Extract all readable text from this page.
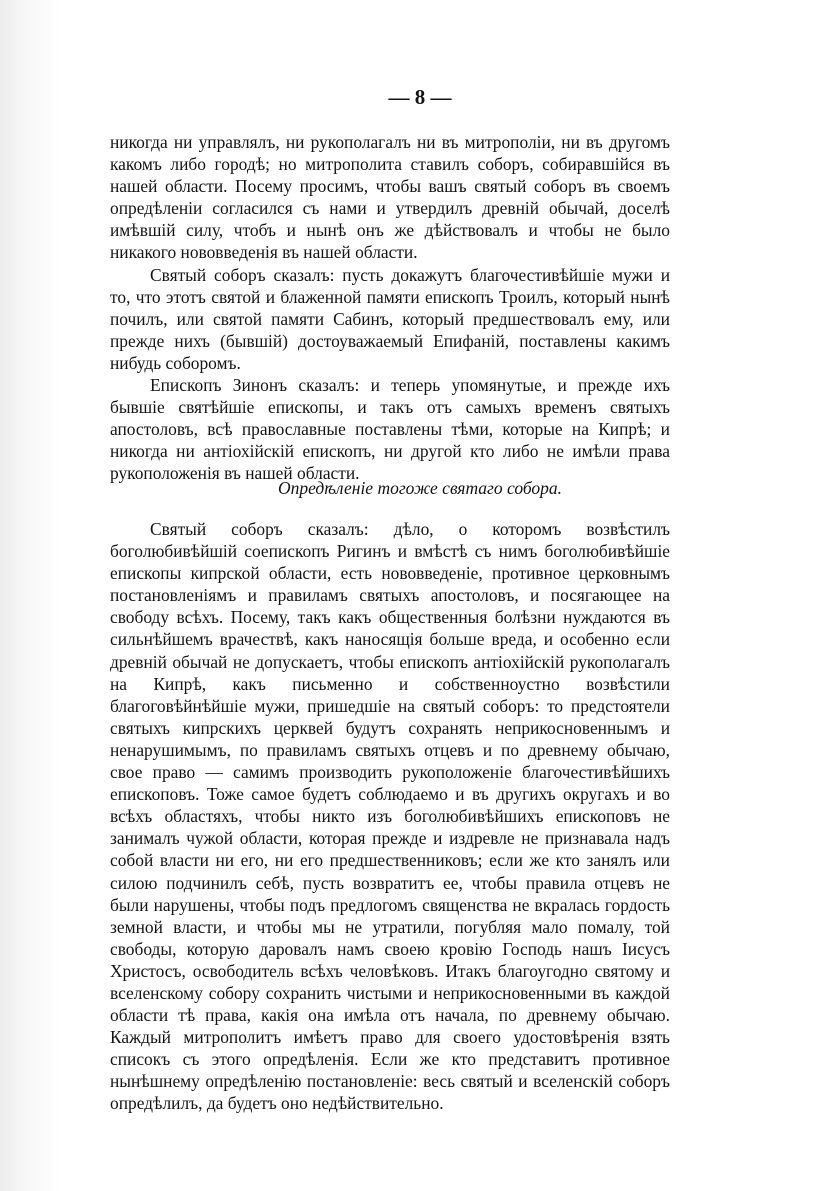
— 8 —

никогда ни управлялъ, ни рукополагалъ ни въ митрополіи, ни въ другомъ какомъ либо городѣ; но митрополита ставилъ соборъ, собиравшійся въ нашей области. Посему просимъ, чтобы вашъ святый соборъ въ своемъ опредѣленіи согласился съ нами и утвердилъ древній обычай, доселѣ имѣвшій силу, чтобъ и нынѣ онъ же дѣйствовалъ и чтобы не было никакого нововведенія въ нашей области.

Святый соборъ сказалъ: пусть докажутъ благочестивѣйшіе мужи и то, что этотъ святой и блаженной памяти епископъ Троилъ, который нынѣ почилъ, или святой памяти Сабинъ, который предшествовалъ ему, или прежде нихъ (бывшій) достоуважаемый Епифаній, поставлены какимъ нибудь соборомъ.

Епископъ Зинонъ сказалъ: и теперь упомянутые, и прежде ихъ бывшіе святѣйшіе епископы, и такъ отъ самыхъ временъ святыхъ апостоловъ, всѣ православные поставлены тѣми, которые на Кипрѣ; и никогда ни антіохійскій епископъ, ни другой кто либо не имѣли права рукоположенія въ нашей области.

Опредѣленіе тогоже святаго собора.

Святый соборъ сказалъ: дѣло, о которомъ возвѣстилъ боголюбивѣйшій соепископъ Ригинъ и вмѣстѣ съ нимъ боголюбивѣйшіе епископы кипрской области, есть нововведеніе, противное церковнымъ постановленіямъ и правиламъ святыхъ апостоловъ, и посягающее на свободу всѣхъ. Посему, такъ какъ общественныя болѣзни нуждаются въ сильнѣйшемъ врачествѣ, какъ наносящія больше вреда, и особенно если древній обычай не допускаетъ, чтобы епископъ антіохійскій рукополагалъ на Кипрѣ, какъ письменно и собственноустно возвѣстили благоговѣйнѣйшіе мужи, пришедшіе на святый соборъ: то предстоятели святыхъ кипрскихъ церквей будутъ сохранять неприкосновеннымъ и ненарушимымъ, по правиламъ святыхъ отцевъ и по древнему обычаю, свое право — самимъ производить рукоположеніе благочестивѣйшихъ епископовъ. Тоже самое будетъ соблюдаемо и въ другихъ округахъ и во всѣхъ областяхъ, чтобы никто изъ боголюбивѣйшихъ епископовъ не занималъ чужой области, которая прежде и издревле не признавала надъ собой власти ни его, ни его предшественниковъ; если же кто занялъ или силою подчинилъ себѣ, пусть возвратитъ ее, чтобы правила отцевъ не были нарушены, чтобы подъ предлогомъ священства не вкралась гордость земной власти, и чтобы мы не утратили, погубляя мало помалу, той свободы, которую даровалъ намъ своею кровію Господь нашъ Іисусъ Христосъ, освободитель всѣхъ человѣковъ. Итакъ благоугодно святому и вселенскому собору сохранить чистыми и неприкосновенными въ каждой области тѣ права, какія она имѣла отъ начала, по древнему обычаю. Каждый митрополитъ имѣетъ право для своего удостовѣренія взять списокъ съ этого опредѣленія. Если же кто представитъ противное нынѣшнему опредѣленію постановленіе: весь святый и вселенскій соборъ опредѣлилъ, да будетъ оно недѣйствительно.
